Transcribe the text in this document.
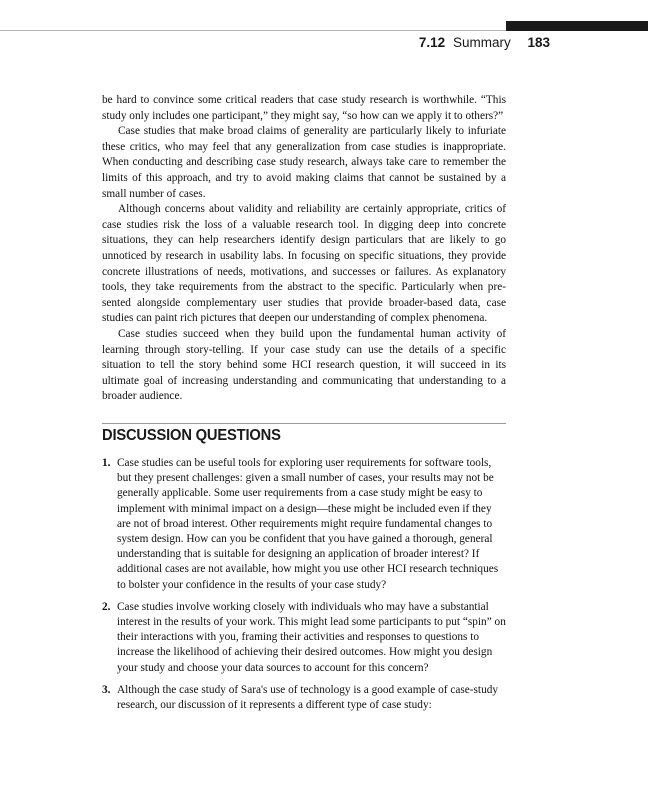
7.12 Summary 183

be hard to convince some critical readers that case study research is worthwhile. “This study only includes one participant,” they might say, “so how can we apply it to others?”

Case studies that make broad claims of generality are particularly likely to infuriate these critics, who may feel that any generalization from case studies is inappropriate. When conducting and describing case study research, always take care to remember the limits of this approach, and try to avoid making claims that cannot be sustained by a small number of cases.

Although concerns about validity and reliability are certainly appropriate, critics of case studies risk the loss of a valuable research tool. In digging deep into concrete situations, they can help researchers identify design particulars that are likely to go unnoticed by research in usability labs. In focusing on specific situations, they provide concrete illustrations of needs, motivations, and successes or failures. As explanatory tools, they take requirements from the abstract to the specific. Particularly when presented alongside complementary user studies that provide broader-based data, case studies can paint rich pictures that deepen our understanding of complex phenomena.

Case studies succeed when they build upon the fundamental human activity of learning through story-telling. If your case study can use the details of a specific situation to tell the story behind some HCI research question, it will succeed in its ultimate goal of increasing understanding and communicating that understanding to a broader audience.

DISCUSSION QUESTIONS
1. Case studies can be useful tools for exploring user requirements for software tools, but they present challenges: given a small number of cases, your results may not be generally applicable. Some user requirements from a case study might be easy to implement with minimal impact on a design—these might be included even if they are not of broad interest. Other requirements might require fundamental changes to system design. How can you be confident that you have gained a thorough, general understanding that is suitable for designing an application of broader interest? If additional cases are not available, how might you use other HCI research techniques to bolster your confidence in the results of your case study?
2. Case studies involve working closely with individuals who may have a substantial interest in the results of your work. This might lead some participants to put “spin” on their interactions with you, framing their activities and responses to questions to increase the likelihood of achieving their desired outcomes. How might you design your study and choose your data sources to account for this concern?
3. Although the case study of Sara's use of technology is a good example of case-study research, our discussion of it represents a different type of case study:
